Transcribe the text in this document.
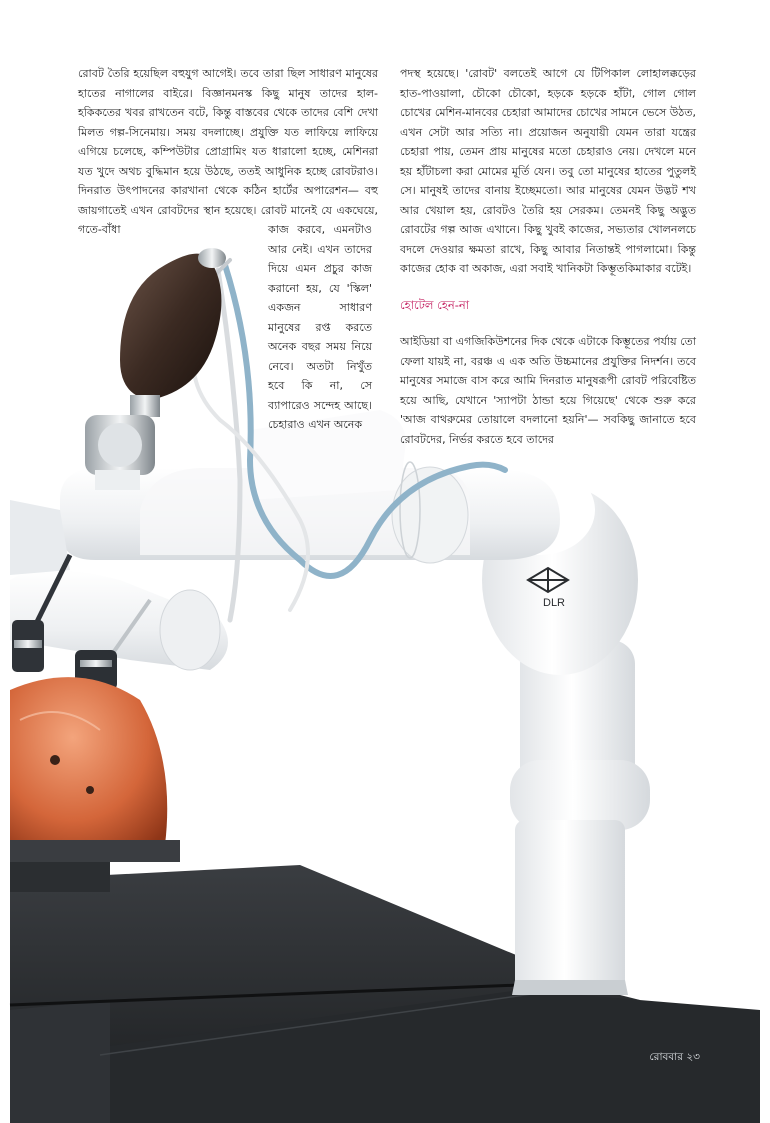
DLR

রোবট তৈরি হয়েছিল বহুযুগ আগেই। তবে তারা ছিল সাধারণ মানুষের হাতের নাগালের বাইরে। বিজ্ঞানমনস্ক কিছু মানুষ তাদের হাল-হকিকতের খবর রাখতেন বটে, কিন্তু বাস্তবের থেকে তাদের বেশি দেখা মিলত গল্প-সিনেমায়। সময় বদলাচ্ছে। প্রযুক্তি যত লাফিয়ে লাফিয়ে এগিয়ে চলেছে, কম্পিউটার প্রোগ্রামিং যত ধারালো হচ্ছে, মেশিনরা যত খুদে অথচ বুদ্ধিমান হয়ে উঠছে, ততই আধুনিক হচ্ছে রোবটরাও। দিনরাত উৎপাদনের কারখানা থেকে কঠিন হার্টের অপারেশন— বহু জায়গাতেই এখন রোবটদের স্থান হয়েছে। রোবট মানেই যে একঘেয়ে, গতে-বাঁধা	কাজ করবে, এমনটাও আর নেই। এখন তাদের দিয়ে এমন প্রচুর কাজ করানো হয়, যে 'স্কিল' একজন সাধারণ মানুষের রপ্ত করতে অনেক বছর সময় নিয়ে নেবে। অতটা নিখুঁত হবে কি না, সে ব্যাপারেও সন্দেহ আছে। চেহারাও এখন অনেক

পদস্থ হয়েছে। 'রোবট' বলতেই আগে যে টিপিকাল লোহালক্কড়ের হাত-পাওয়ালা, চৌকো চৌকো, হড়কে হড়কে হাঁটা, গোল গোল চোখের মেশিন-মানবের চেহারা আমাদের চোখের সামনে ভেসে উঠত, এখন সেটা আর সত্যি না। প্রয়োজন অনুযায়ী যেমন তারা যন্ত্রের চেহারা পায়, তেমন প্রায় মানুষের মতো চেহারাও নেয়। দেখলে মনে হয় হাঁটাচলা করা মোমের মূর্তি যেন। তবু তো মানুষের হাতের পুতুলই সে। মানুষই তাদের বানায় ইচ্ছেমতো। আর মানুষের যেমন উদ্ভট শখ আর খেয়াল হয়, রোবটও তৈরি হয় সেরকম। তেমনই কিছু অদ্ভুত রোবটের গল্প আজ এখানে। কিছু খুবই কাজের, সভ্যতার খোলনলচে বদলে দেওয়ার ক্ষমতা রাখে, কিছু আবার নিতান্তই পাগলামো। কিন্তু কাজের হোক বা অকাজ, এরা সবাই খানিকটা কিম্ভূতকিমাকার বটেই।

হোটেল হেন-না

আইডিয়া বা এগজিকিউশনের দিক থেকে এটাকে কিম্ভূতের পর্যায় তো ফেলা যায়ই না, বরঞ্চ এ এক অতি উচ্চমানের প্রযুক্তির নিদর্শন। তবে মানুষের সমাজে বাস করে আমি দিনরাত মানুষরূপী রোবট পরিবেষ্টিত হয়ে আছি, যেখানে 'স্যাপটা ঠান্ডা হয়ে গিয়েছে' থেকে শুরু করে 'আজ বাথরুমের তোয়ালে বদলানো হয়নি'— সবকিছু জানাতে হবে রোবটদের, নির্ভর করতে হবে তাদের

রোববার ২৩
